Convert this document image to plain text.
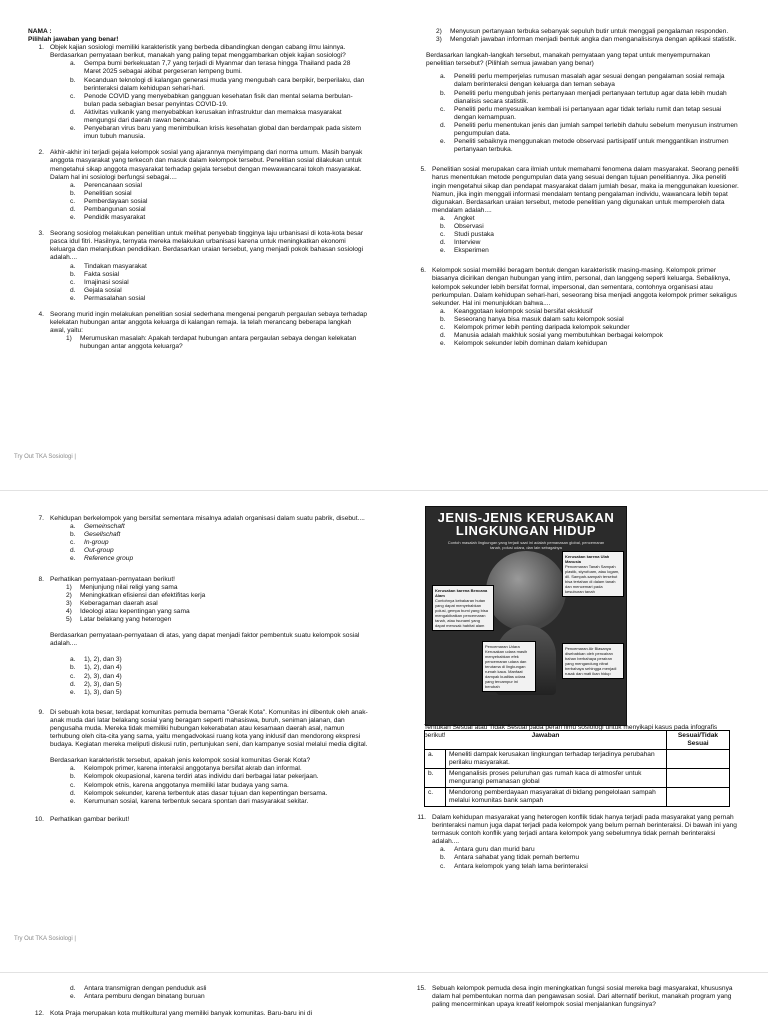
NAMA :

Pilihlah jawaban yang benar!

1. Objek kajian sosiologi memiliki karakteristik yang berbeda dibandingkan dengan cabang ilmu lainnya. Berdasarkan pernyataan berikut, manakah yang paling tepat menggambarkan objek kajian sosiologi?
a.	Gempa bumi berkekuatan 7,7 yang terjadi di Myanmar dan terasa hingga Thailand pada 28 Maret 2025 sebagai akibat pergeseran lempeng bumi.
b.	Kecanduan teknologi di kalangan generasi muda yang mengubah cara berpikir, berperilaku, dan berinteraksi dalam kehidupan sehari-hari.
c.	Penode COVID yang menyebabkan gangguan kesehatan fisik dan mental selama berbulan-bulan pada sebagian besar penyintas COVID-19.
d.	Aktivitas vulkanik yang menyebabkan kerusakan infrastruktur dan memaksa masyarakat mengungsi dari daerah rawan bencana.
e.	Penyebaran virus baru yang menimbulkan krisis kesehatan global dan berdampak pada sistem imun tubuh manusia.
2. Akhir-akhir ini terjadi gejala kelompok sosial yang ajarannya menyimpang dari norma umum. Masih banyak anggota masyarakat yang terkecoh dan masuk dalam kelompok tersebut. Penelitian sosial dilakukan untuk mengetahui sikap anggota masyarakat terhadap gejala tersebut dengan mewawancarai tokoh masyarakat. Dalam hal ini sosiologi berfungsi sebagai....
a.	Perencanaan sosial
b.	Penelitian sosial
c.	Pemberdayaan sosial
d.	Pembangunan sosial
e.	Pendidik masyarakat
3. Seorang sosiolog melakukan penelitian untuk melihat penyebab tingginya laju urbanisasi di kota-kota besar pasca idul fitri. Hasilnya, ternyata mereka melakukan urbanisasi karena untuk meningkatkan ekonomi keluarga dan melanjutkan pendidikan. Berdasarkan uraian tersebut, yang menjadi pokok bahasan sosiologi adalah....
a.	Tindakan masyarakat
b.	Fakta sosial
c.	Imajinasi sosial
d.	Gejala sosial
e.	Permasalahan sosial
4. Seorang murid ingin melakukan penelitian sosial sederhana mengenai pengaruh pergaulan sebaya terhadap kelekatan hubungan antar anggota keluarga di kalangan remaja. Ia telah merancang beberapa langkah awal, yaitu:
1)	Merumuskan masalah: Apakah terdapat hubungan antara pergaulan sebaya dengan kelekatan hubungan antar anggota keluarga?
2)	Menyusun pertanyaan terbuka sebanyak sepuluh butir untuk menggali pengalaman responden.
3)	Mengolah jawaban informan menjadi bentuk angka dan menganalisisnya dengan aplikasi statistik.

Berdasarkan langkah-langkah tersebut, manakah pernyataan yang tepat untuk menyempurnakan penelitian tersebut? (Pilihlah semua jawaban yang benar)

a.	Peneliti perlu memperjelas rumusan masalah agar sesuai dengan pengalaman sosial remaja dalam berinteraksi dengan keluarga dan teman sebaya
b.	Peneliti perlu mengubah jenis pertanyaan menjadi pertanyaan tertutup agar data lebih mudah dianalisis secara statistik.
c.	Peneliti perlu menyesuaikan kembali isi pertanyaan agar tidak terlalu rumit dan tetap sesuai dengan kemampuan.
d.	Peneliti perlu menentukan jenis dan jumlah sampel terlebih dahulu sebelum menyusun instrumen pengumpulan data.
e.	Peneliti sebaiknya menggunakan metode observasi partisipatif untuk menggantikan instrumen pertanyaan terbuka.
5. Penelitian sosial merupakan cara ilmiah untuk memahami fenomena dalam masyarakat. Seorang peneliti harus menentukan metode pengumpulan data yang sesuai dengan tujuan penelitiannya. Jika peneliti ingin mengetahui sikap dan pendapat masyarakat dalam jumlah besar, maka ia menggunakan kuesioner. Namun, jika ingin menggali informasi mendalam tentang pengalaman individu, wawancara lebih tepat digunakan. Berdasarkan uraian tersebut, metode penelitian yang digunakan untuk memperoleh data mendalam adalah....
a.	Angket
b.	Observasi
c.	Studi pustaka
d.	Interview
e.	Eksperimen
6. Kelompok sosial memiliki beragam bentuk dengan karakteristik masing-masing. Kelompok primer biasanya dicirikan dengan hubungan yang intim, personal, dan langgeng seperti keluarga. Sebaliknya, kelompok sekunder lebih bersifat formal, impersonal, dan sementara, contohnya organisasi atau perkumpulan. Dalam kehidupan sehari-hari, seseorang bisa menjadi anggota kelompok primer sekaligus sekunder. Hal ini menunjukkan bahwa....
a.	Keanggotaan kelompok sosial bersifat eksklusif
b.	Seseorang hanya bisa masuk dalam satu kelompok sosial
c.	Kelompok primer lebih penting daripada kelompok sekunder
d.	Manusia adalah makhluk sosial yang membutuhkan berbagai kelompok
e.	Kelompok sekunder lebih dominan dalam kehidupan
Try Out TKA Sosiologi |
7. Kehidupan berkelompok yang bersifat sementara misalnya adalah organisasi dalam suatu pabrik, disebut....
a.	Gemeinschaft
b.	Gesellschaft
c.	In-group
d.	Out-group
e.	Reference group
8. Perhatikan pernyataan-pernyataan berikut!
1)	Menjunjung nilai religi yang sama
2)	Meningkatkan efisiensi dan efektifitas kerja
3)	Keberagaman daerah asal
4)	Ideologi atau kepentingan yang sama
5)	Latar belakang yang heterogen

Berdasarkan pernyataan-pernyataan di atas, yang dapat menjadi faktor pembentuk suatu kelompok sosial adalah....

a.	1), 2), dan 3)
b.	1), 2), dan 4)
c.	2), 3), dan 4)
d.	2), 3), dan 5)
e.	1), 3), dan 5)
9. Di sebuah kota besar, terdapat komunitas pemuda bernama "Gerak Kota". Komunitas ini dibentuk oleh anak-anak muda dari latar belakang sosial yang beragam seperti mahasiswa, buruh, seniman jalanan, dan pengusaha muda. Mereka tidak memiliki hubungan kekerabatan atau kesamaan daerah asal, namun terhubung oleh cita-cita yang sama, yaitu mengadvokasi ruang kota yang inklusif dan mendorong ekspresi budaya. Kegiatan mereka meliputi diskusi rutin, pertunjukan seni, dan kampanye sosial melalui media digital.

Berdasarkan karakteristik tersebut, apakah jenis kelompok sosial komunitas Gerak Kota?

a.	Kelompok primer, karena interaksi anggotanya bersifat akrab dan informal.
b.	Kelompok okupasional, karena terdiri atas individu dari berbagai latar pekerjaan.
c.	Kelompok etnis, karena anggotanya memiliki latar budaya yang sama.
d.	Kelompok sekunder, karena terbentuk atas dasar tujuan dan kepentingan bersama.
e.	Kerumunan sosial, karena terbentuk secara spontan dari masyarakat sekitar.
10. Perhatikan gambar berikut!
Try Out TKA Sosiologi |
JENIS-JENIS KERUSAKAN
LINGKUNGAN HIDUP
Contoh masalah lingkungan yang terjadi saat ini adalah pemanasan global, pencemaran tanah, polusi udara, dan lain sebagainya
Kerusakan karena Bencana Alam
Contohnya kebakaran hutan yang dapat menyebabkan polusi, gempa bumi yang bisa mengakibatkan pencemaran tanah, atau tsunami yang dapat merusak habitat alam
Kerusakan karena Ulah Manusia
Pencemaran Tanah Sampah plastik, styrofoam, atau logam, dll. Sampah-sampah tersebut bisa tertahan di dalam tanah dan mencemari pada kesuburan tanah
Pencemaran Udara Kerusakan udara masih menyebabkan efek pencemaran udara dan terutama di lingkungan rumah kaca. Manfaat dampak kualitas udara yang tercampur ini berubah
Pencemaran Air Biasanya disebabkan oleh pencairan bahan berbahaya perairan yang mengandung nitrat berbahaya sehingga menjadi rusak dan mati ikan hidup

Tentukan Sesuai atau Tidak Sesuai pada peran ilmu sosiologi untuk menyikapi kasus pada infografis berikut!	Jawaban		Sesuai/Tidak Sesuai
a.	Meneliti dampak kerusakan lingkungan terhadap terjadinya perubahan perilaku masyarakat.	
b.	Menganalisis proses peluruhan gas rumah kaca di atmosfer untuk mengurangi pemanasan global	
c.	Mendorong pemberdayaan masyarakat di bidang pengelolaan sampah melalui komunitas bank sampah	
11. Dalam kehidupan masyarakat yang heterogen konflik tidak hanya terjadi pada masyarakat yang pernah berinteraksi namun juga dapat terjadi pada kelompok yang belum pernah berinteraksi. Di bawah ini yang termasuk contoh konflik yang terjadi antara kelompok yang sebelumnya tidak pernah berinteraksi adalah....
a.	Antara guru dan murid baru
b.	Antara sahabat yang tidak pernah bertemu
c.	Antara kelompok yang telah lama berinteraksi
d.	Antara transmigran dengan penduduk asli
e.	Antara pemburu dengan binatang buruan
12. Kota Praja merupakan kota multikultural yang memiliki banyak komunitas. Baru-baru ini di
15. Sebuah kelompok pemuda desa ingin meningkatkan fungsi sosial mereka bagi masyarakat, khususnya dalam hal pembentukan norma dan pengawasan sosial. Dari alternatif berikut, manakah program yang paling mencerminkan upaya kreatif kelompok sosial menjalankan fungsinya?
